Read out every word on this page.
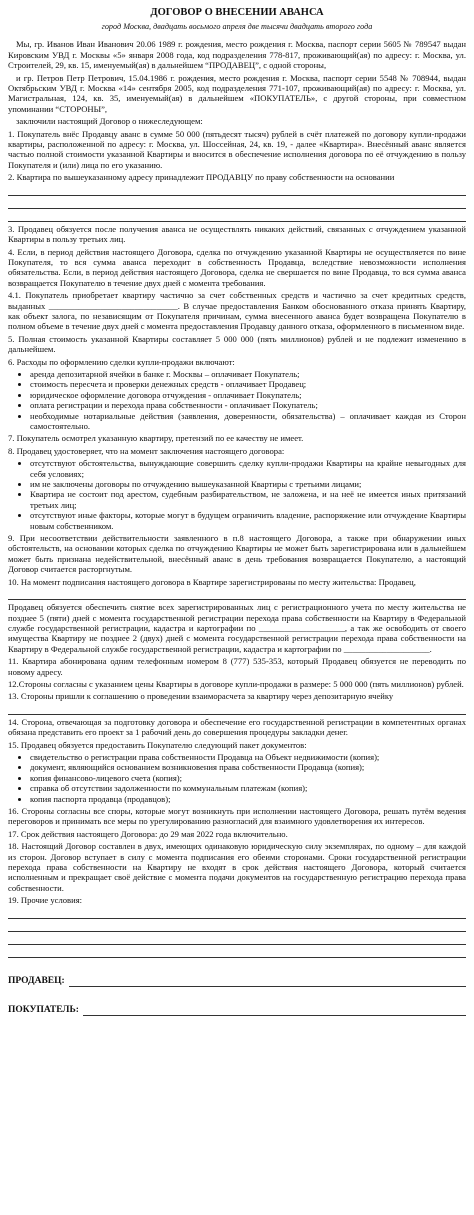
ДОГОВОР О ВНЕСЕНИИ АВАНСА
город Москва, двадцать восьмого апреля две тысячи двадцать второго года

Мы, гр. Иванов Иван Иванович 20.06 1989 г. рождения, место рождения г. Москва, паспорт серии 5605 № 789547 выдан Кировским УВД г. Москвы «5» января 2008 года, код подразделения 778-817, проживающий(ая) по адресу: г. Москва, ул. Строителей, 29, кв. 15, именуемый(ая) в дальнейшем “ПРОДАВЕЦ”, с одной стороны,

и гр. Петров Петр Петрович, 15.04.1986 г. рождения, место рождения г. Москва, паспорт серии 5548 № 708944, выдан Октябрьским УВД г. Москва «14» сентября 2005, код подразделения 771-107, проживающий(ая) по адресу: г. Москва, ул. Магистральная, 124, кв. 35, именуемый(ая) в дальнейшем «ПОКУПАТЕЛЬ», с другой стороны, при совместном упоминании “СТОРОНЫ”,

заключили настоящий Договор о нижеследующем:

1. Покупатель внёс Продавцу аванс в сумме 50 000 (пятьдесят тысяч) рублей в счёт платежей по договору купли-продажи квартиры, расположенной по адресу: г. Москва, ул. Шоссейная, 24, кв. 19, - далее «Квартира». Внесённый аванс является частью полной стоимости указанной Квартиры и вносится в обеспечение исполнения договора по её отчуждению в пользу Покупателя и (или) лица по его указанию.

2. Квартира по вышеуказанному адресу принадлежит ПРОДАВЦУ по праву собственности на основании

3. Продавец обязуется после получения аванса не осуществлять никаких действий, связанных с отчуждением указанной Квартиры в пользу третьих лиц.

4. Если, в период действия настоящего Договора, сделка по отчуждению указанной Квартиры не осуществляется по вине Покупателя, то вся сумма аванса переходит в собственность Продавца, вследствие невозможности исполнения обязательства. Если, в период действия настоящего Договора, сделка не свершается по вине Продавца, то вся сумма аванса возвращается Покупателю в течение двух дней с момента требования.

4.1. Покупатель приобретает квартиру частично за счет собственных средств и частично за счет кредитных средств, выданных ______________________________. В случае предоставления Банком обоснованного отказа принять Квартиру, как объект залога, по независящим от Покупателя причинам, сумма внесенного аванса будет возвращена Покупателю в полном объеме в течение двух дней с момента предоставления Продавцу данного отказа, оформленного в письменном виде.

5. Полная стоимость указанной Квартиры составляет 5 000 000 (пять миллионов) рублей и не подлежит изменению в дальнейшем.

6. Расходы по оформлению сделки купли-продажи включают:

• аренда депозитарной ячейки в банке г. Москвы – оплачивает Покупатель;
• стоимость пересчета и проверки денежных средств - оплачивает Продавец;
• юридическое оформление договора отчуждения - оплачивает Покупатель;
• оплата регистрации и перехода права собственности - оплачивает Покупатель;
• необходимые нотариальные действия (заявления, доверенности, обязательства) – оплачивает каждая из Сторон самостоятельно.

7. Покупатель осмотрел указанную квартиру, претензий по ее качеству не имеет.

8. Продавец удостоверяет, что на момент заключения настоящего договора:

• отсутствуют обстоятельства, вынуждающие совершить сделку купли-продажи Квартиры на крайне невыгодных для себя условиях;
• им не заключены договоры по отчуждению вышеуказанной Квартиры с третьими лицами;
• Квартира не состоит под арестом, судебным разбирательством, не заложена, и на неё не имеется иных притязаний третьих лиц;
• отсутствуют иные факторы, которые могут в будущем ограничить владение, распоряжение или отчуждение Квартиры новым собственником.

9. При несоответствии действительности заявленного в п.8 настоящего Договора, а также при обнаружении иных обстоятельств, на основании которых сделка по отчуждению Квартиры не может быть зарегистрирована или в дальнейшем может быть признана недействительной, внесённый аванс в день требования возвращается Покупателю, а настоящий Договор считается расторгнутым.

10. На момент подписания настоящего договора в Квартире зарегистрированы по месту жительства: Продавец,

Продавец обязуется обеспечить снятие всех зарегистрированных лиц с регистрационного учета по месту жительства не позднее 5 (пяти) дней с момента государственной регистрации перехода права собственности на Квартиру в Федеральной службе государственной регистрации, кадастра и картографии по ____________________, а так же освободить от своего имущества Квартиру не позднее 2 (двух) дней с момента государственной регистрации перехода права собственности на Квартиру в Федеральной службе государственной регистрации, кадастра и картографии по ____________________.

11. Квартира абонирована одним телефонным номером 8 (777) 535-353, который Продавец обязуется не переводить по новому адресу.

12.Стороны согласны с указанием цены Квартиры в договоре купли-продажи в размере: 5 000 000 (пять миллионов) рублей.

13. Стороны пришли к соглашению о проведении взаиморасчета за квартиру через депозитарную ячейку

14. Сторона, отвечающая за подготовку договора и обеспечение его государственной регистрации в компетентных органах обязана представить его проект за 1 рабочий день до совершения процедуры закладки денег.

15. Продавец обязуется предоставить Покупателю следующий пакет документов:

• свидетельство о регистрации права собственности Продавца на Объект недвижимости (копия);
• документ, являющийся основанием возникновения права собственности Продавца (копия);
• копия финансово-лицевого счета (копия);
• справка об отсутствии задолженности по коммунальным платежам (копия);
• копия паспорта продавца (продавцов);

16. Стороны согласны все споры, которые могут возникнуть при исполнении настоящего Договора, решать путём ведения переговоров и принимать все меры по урегулированию разногласий для взаимного удовлетворения их интересов.

17. Срок действия настоящего Договора: до 29 мая 2022 года включительно.

18. Настоящий Договор составлен в двух, имеющих одинаковую юридическую силу экземплярах, по одному – для каждой из сторон. Договор вступает в силу с момента подписания его обеими сторонами. Сроки государственной регистрации перехода права собственности на Квартиру не входят в срок действия настоящего Договора, который считается исполненным и прекращает своё действие с момента подачи документов на государственную регистрацию перехода права собственности.

19. Прочие условия:

ПРОДАВЕЦ:
ПОКУПАТЕЛЬ:
